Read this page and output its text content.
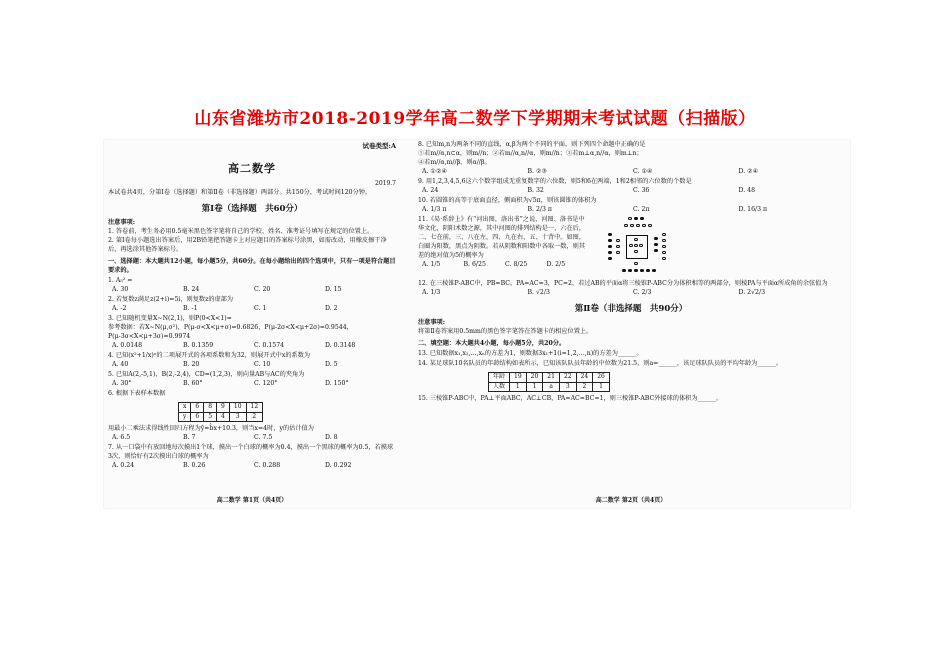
山东省潍坊市2018-2019学年高二数学下学期期末考试试题（扫描版）
试卷类型:A
高二数学
2019.7
本试卷共4页，分第Ⅰ卷（选择题）和第Ⅱ卷（非选择题）两部分。共150分，考试时间120分钟。
第Ⅰ卷（选择题　共60分）
注意事项:
1. 答卷前，考生务必用0.5毫米黑色签字笔将自己的学校、姓名、准考证号填写在规定的位置上。
2. 第Ⅰ卷每小题选出答案后，用2B铅笔把答题卡上对应题目的答案标号涂黑，如需改动，用橡皮擦干净后，再选涂其他答案标号。
一、选择题：本大题共12小题，每小题5分，共60分。在每小题给出的四个选项中，只有一项是符合题目要求的。
1. A₅² =
A. 30	B. 24	C. 20	D. 15
2. 若复数z满足z(2+i)=5i，则复数z的虚部为
A. -2	B. -1	C. 1	D. 2
3. 已知随机变量X~N(2,1)，则P(0<X<1)=
参考数据：若X~N(μ,σ²)，P(μ-σ<X<μ+σ)=0.6826，P(μ-2σ<X<μ+2σ)=0.9544，P(μ-3σ<X<μ+3σ)=0.9974
A. 0.0148	B. 0.1359	C. 0.1574	D. 0.3148
4. 已知(x²+1/x)ⁿ的二项展开式的各项系数和为32，则展开式中x的系数为
A. 40	B. 20	C. 10	D. 5
5. 已知A(2,-5,1)，B(2,-2,4)，CD=(1,2,3)，则向量AB与AC的夹角为
A. 30°	B. 60°	C. 120°	D. 150°
6. 根据下表样本数据
x	6	8	9	10	12
y	6	5	4	3	2
用最小二乘法求得线性回归方程为ŷ=b̂x+10.3，则当x=4时，y的估计值为
A. 6.5	B. 7	C. 7.5	D. 8
7. 从一口袋中有放回地每次摸出1个球，摸出一个白球的概率为0.4，摸出一个黑球的概率为0.5，若摸球3次，则恰好有2次摸出白球的概率为
A. 0.24	B. 0.26	C. 0.288	D. 0.292
高二数学 第1页（共4页）
8. 已知m,n为两条不同的直线，α,β为两个不同的平面，则下列四个命题中正确的是
①若m//α,n⊂α，则m//n；②若m//α,n//α，则m//n；③若m⊥α,n//α，则m⊥n；
④若m//α,m//β，则α//β。
A. ①②④	B. ②③	C. ①④	D. ②④
9. 用1,2,3,4,5,6这六个数字组成无重复数字的六位数，则5和6在两端，1和2相邻的六位数的个数是
A. 24	B. 32	C. 36	D. 48
10. 若圆锥的高等于底面直径，侧面积为√5π，则该圆锥的体积为
A. 1/3 π	B. 2/3 π	C. 2π	D. 16/3 π
11.《易·系辞上》有“河出图，洛出书”之说，河图、洛书是中华文化，阴阳术数之源，其中河图的排列结构是一、六在后，二、七在前，三、八在左，四、九在右，五、十背中。如图，白圈为阳数，黑点为阴数。若从阴数和阳数中各取一数，则其差的绝对值为5的概率为
A. 1/5	B. 6/25	C. 8/25	D. 2/5
12. 在三棱锥P-ABC中，PB=BC，PA=AC=3，PC=2，若过AB的平面α将三棱锥P-ABC分为体积相等的两部分，则棱PA与平面α所成角的余弦值为
A. 1/3	B. √2/3	C. 2/3	D. 2√2/3
第Ⅱ卷（非选择题　共90分）
注意事项:
将第Ⅱ卷答案用0.5mm的黑色签字笔答在答题卡的相应位置上。
二、填空题：本大题共4小题，每小题5分，共20分。
13. 已知数据x₁,x₂,…,xₙ的方差为1，则数据3x₁+1(i=1,2,…,n)的方差为______。
14. 某足球队10名队员的年龄结构如表所示，已知该队队员年龄的中位数为21.5，则a=______，该足球队队员的平均年龄为______。
年龄	19	20	21	22	24	26
人数	1	1	a	3	2	1
15. 三棱锥P-ABC中，PA⊥平面ABC，AC⊥CB，PA=AC=BC=1，则三棱锥P-ABC外接球的体积为______。
高二数学 第2页（共4页）
